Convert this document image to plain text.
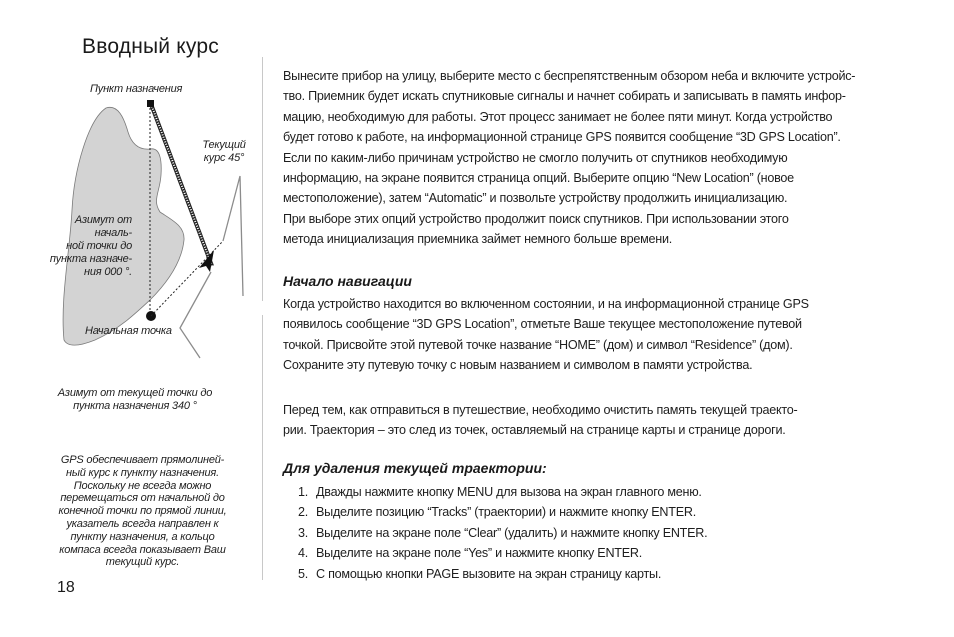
Вводный курс
Пункт назначения
Текущий
курс 45°
Азимут от началь-
ной точки до
пункта назначе-
ния 000 °.
Начальная точка
Азимут от текущей точки до
пункта назначения 340 °
GPS обеспечивает прямолиней-
ный курс к пункту назначения.
Поскольку не всегда можно
перемещаться от начальной до
конечной точки по прямой линии,
указатель всегда направлен к
пункту назначения, а кольцо
компаса всегда показывает Ваш
текущий курс.
18
Вынесите прибор на улицу, выберите место с беспрепятственным обзором неба и включите устройс-
тво. Приемник будет искать спутниковые сигналы и начнет собирать и записывать в память инфор-
мацию, необходимую для работы. Этот процесс занимает не более пяти минут. Когда устройство
будет готово к работе, на информационной странице GPS появится сообщение “3D GPS Location”.
Если по каким-либо причинам устройство не смогло получить от спутников необходимую
информацию, на экране появится страница опций. Выберите опцию “New Location” (новое
местоположение), затем “Automatic” и позвольте устройству продолжить инициализацию.
При выборе этих опций устройство продолжит поиск спутников. При использовании этого
метода инициализация приемника займет немного больше времени.
Начало навигации
Когда устройство находится во включенном состоянии, и на информационной странице GPS
появилось сообщение “3D GPS Location”, отметьте Ваше текущее местоположение путевой
точкой. Присвойте этой путевой точке название “HOME” (дом) и символ “Residence” (дом).
Сохраните эту путевую точку с новым названием и символом в памяти устройства.
Перед тем, как отправиться в путешествие, необходимо очистить память текущей траекто-
рии. Траектория – это след из точек, оставляемый на странице карты и странице дороги.
Для удаления текущей траектории:
1. Дважды нажмите кнопку MENU для вызова на экран главного меню.
2. Выделите позицию “Tracks” (траектории) и нажмите кнопку ENTER.
3. Выделите на экране поле “Clear” (удалить) и нажмите кнопку ENTER.
4. Выделите на экране поле “Yes” и нажмите кнопку ENTER.
5. С помощью кнопки PAGE вызовите на экран страницу карты.
